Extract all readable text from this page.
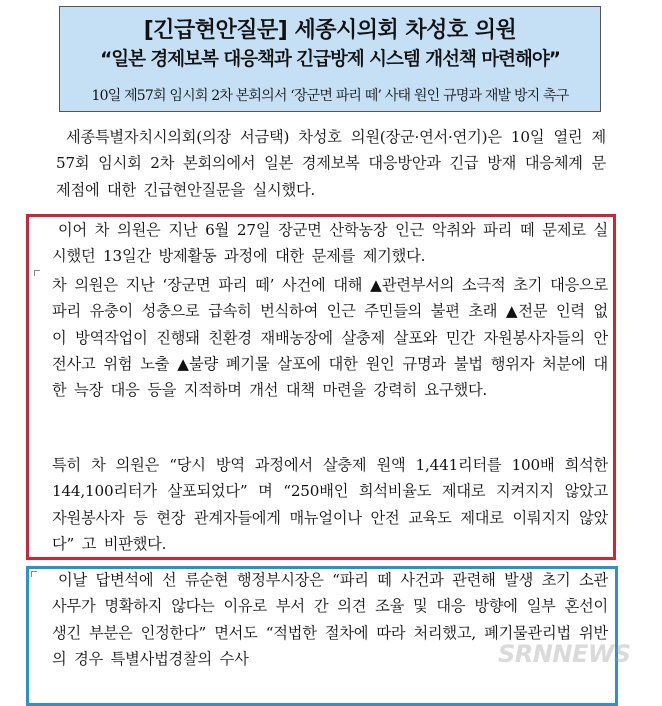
[긴급현안질문] 세종시의회 차성호 의원
“일본 경제보복 대응책과 긴급방제 시스템 개선책 마련해야”
10일 제57회 임시회 2차 본회의서 ‘장군면 파리 떼’ 사태 원인 규명과 재발 방지 촉구
세종특별자치시의회(의장 서금택) 차성호 의원(장군·연서·연기)은 10일 열린 제57회 임시회 2차 본회의에서 일본 경제보복 대응방안과 긴급 방재 대응체계 문제점에 대한 긴급현안질문을 실시했다.
이어 차 의원은 지난 6월 27일 장군면 산학농장 인근 악취와 파리 떼 문제로 실시했던 13일간 방제활동 과정에 대한 문제를 제기했다.
차 의원은 지난 ‘장군면 파리 떼’ 사건에 대해 ▲관련부서의 소극적 초기 대응으로 파리 유충이 성충으로 급속히 번식하여 인근 주민들의 불편 초래 ▲전문 인력 없이 방역작업이 진행돼 친환경 재배농장에 살충제 살포와 민간 자원봉사자들의 안전사고 위험 노출 ▲불량 폐기물 살포에 대한 원인 규명과 불법 행위자 처분에 대한 늑장 대응 등을 지적하며 개선 대책 마련을 강력히 요구했다.
특히 차 의원은 “당시 방역 과정에서 살충제 원액 1,441리터를 100배 희석한 144,100리터가 살포되었다” 며 “250배인 희석비율도 제대로 지켜지지 않았고 자원봉사자 등 현장 관계자들에게 매뉴얼이나 안전 교육도 제대로 이뤄지지 않았다” 고 비판했다.
이날 답변석에 선 류순현 행정부시장은 “파리 떼 사건과 관련해 발생 초기 소관 사무가 명확하지 않다는 이유로 부서 간 의견 조율 및 대응 방향에 일부 혼선이 생긴 부분은 인정한다” 면서도 “적법한 절차에 따라 처리했고, 폐기물관리법 위반의 경우 특별사법경찰의 수사	SRNNEWS
